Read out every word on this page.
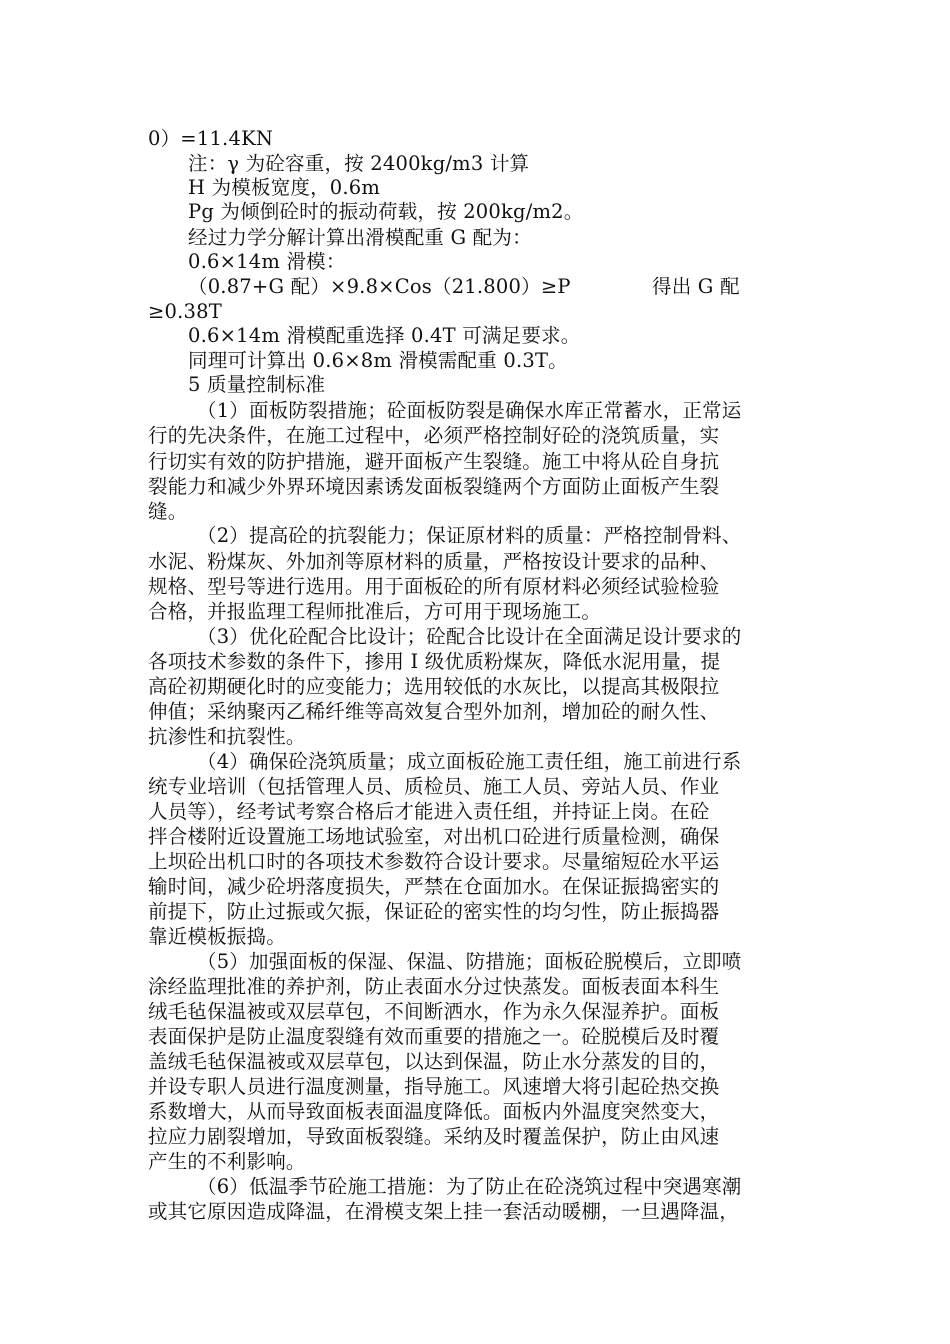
0）=11.4KN
注：γ 为砼容重，按 2400kg/m3 计算
H 为模板宽度，0.6m
Pg 为倾倒砼时的振动荷载，按 200kg/m2。
经过力学分解计算出滑模配重 G 配为：
0.6×14m 滑模：
（0.87+G 配）×9.8×Cos（21.800）≥P	得出 G 配
≥0.38T
0.6×14m 滑模配重选择 0.4T 可满足要求。
同理可计算出 0.6×8m 滑模需配重 0.3T。
5 质量控制标准
（1）面板防裂措施；砼面板防裂是确保水库正常蓄水，正常运
行的先决条件，在施工过程中，必须严格控制好砼的浇筑质量，实
行切实有效的防护措施，避开面板产生裂缝。施工中将从砼自身抗
裂能力和减少外界环境因素诱发面板裂缝两个方面防止面板产生裂
缝。
（2）提高砼的抗裂能力；保证原材料的质量：严格控制骨料、
水泥、粉煤灰、外加剂等原材料的质量，严格按设计要求的品种、
规格、型号等进行选用。用于面板砼的所有原材料必须经试验检验
合格，并报监理工程师批准后，方可用于现场施工。
（3）优化砼配合比设计；砼配合比设计在全面满足设计要求的
各项技术参数的条件下，掺用 I 级优质粉煤灰，降低水泥用量，提
高砼初期硬化时的应变能力；选用较低的水灰比，以提高其极限拉
伸值；采纳聚丙乙稀纤维等高效复合型外加剂，增加砼的耐久性、
抗渗性和抗裂性。
（4）确保砼浇筑质量；成立面板砼施工责任组，施工前进行系
统专业培训（包括管理人员、质检员、施工人员、旁站人员、作业
人员等），经考试考察合格后才能进入责任组，并持证上岗。在砼
拌合楼附近设置施工场地试验室，对出机口砼进行质量检测，确保
上坝砼出机口时的各项技术参数符合设计要求。尽量缩短砼水平运
输时间，减少砼坍落度损失，严禁在仓面加水。在保证振捣密实的
前提下，防止过振或欠振，保证砼的密实性的均匀性，防止振捣器
靠近模板振捣。
（5）加强面板的保湿、保温、防措施；面板砼脱模后，立即喷
涂经监理批准的养护剂，防止表面水分过快蒸发。面板表面本科生
绒毛毡保温被或双层草包，不间断洒水，作为永久保湿养护。面板
表面保护是防止温度裂缝有效而重要的措施之一。砼脱模后及时覆
盖绒毛毡保温被或双层草包，以达到保温，防止水分蒸发的目的，
并设专职人员进行温度测量，指导施工。风速增大将引起砼热交换
系数增大，从而导致面板表面温度降低。面板内外温度突然变大，
拉应力剧裂增加，导致面板裂缝。采纳及时覆盖保护，防止由风速
产生的不利影响。
（6）低温季节砼施工措施：为了防止在砼浇筑过程中突遇寒潮
或其它原因造成降温，在滑模支架上挂一套活动暖棚，一旦遇降温，
